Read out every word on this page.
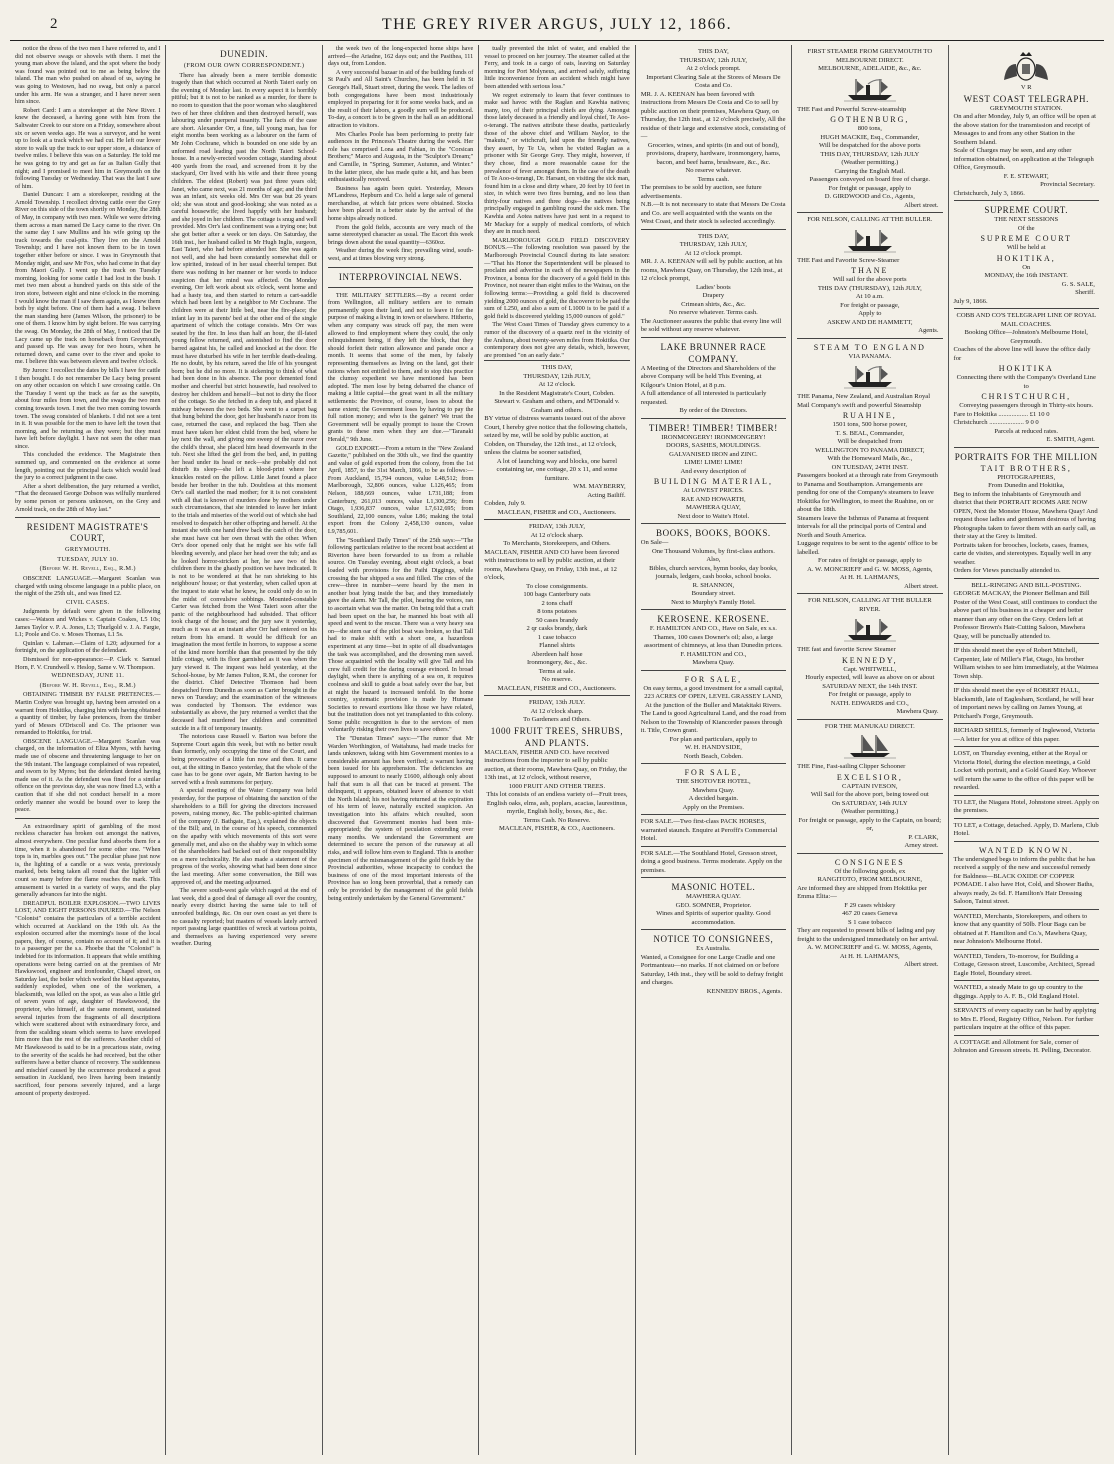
2	THE GREY RIVER ARGUS, JULY 12, 1866.

notice the dress of the two men I have referred to, and I did not observe swags or shovels with them. I met the young man above the island, and the spot where the body was found was pointed out to me as being below the island. The man who pushed on ahead of us, saying he was going to Westown, had no swag, but only a parcel under his arm. He was a stranger, and I have never seen him since.

Robert Card: I am a storekeeper at the New River. I knew the deceased, a having gone with him from the Saltwater Creek to our store on a Friday, somewhere about six or seven weeks ago. He was a surveyor, and he went up to look at a track which we had cut. He left our lower store to walk up the track to our upper store, a distance of twelve miles. I believe this was on a Saturday. He told me he was going to try and get as far as Italian Gully that night; and I promised to meet him in Greymouth on the following Tuesday or Wednesday. That was the last I saw of him.

Daniel Duncan: I am a storekeeper, residing at the Arnold Township. I recollect driving cattle over the Grey River on this side of the town shortly on Monday, the 28th of May, in company with two men. While we were driving them across a man named De Lacy came to the river. On the same day I saw Mullins and his wife going up the track towards the coal-pits. They live on the Arnold Township; and I have not known them to be in town together either before or since. I was in Greymouth that Monday night, and saw Mr Fox, who had come in that day from Maori Gully. I went up the track on Tuesday morning, looking for some cattle I had lost in the bush. I met two men about a hundred yards on this side of the iron store, between eight and nine o'clock in the morning. I would know the man if I saw them again, as I knew them both by sight before. One of them had a swag. I believe the man standing here (James Wilson, the prisoner) to be one of them. I know him by sight before. He was carrying the swag. On Monday, the 28th of May, I noticed that De Lacy came up the track on horseback from Greymouth, and passed up. He was away for two hours, when he returned down, and came over to the river and spoke to me. I believe this was between eleven and twelve o'clock.

By Jurors: I recollect the dates by bills I have for cattle I then bought. I do not remember De Lacy being present on any other occasion on which I saw crossing cattle. On the Tuesday I went up the track as far as the sawpits, about four miles from town, and the swags the two men coming towards town. I met the two men coming towards town. The swag consisted of blankets. I did not see a tent in it. It was possible for the men to have left the town that morning, and be returning as they were; but they must have left before daylight. I have not seen the other man since.

This concluded the evidence. The Magistrate then summed up, and commented on the evidence at some length, pointing out the principal facts which would lead the jury to a correct judgment in the case.

After a short deliberation, the jury returned a verdict, "That the deceased George Dobson was wilfully murdered by some person or persons unknown, on the Grey and Arnold track, on the 28th of May last."

RESIDENT MAGISTRATE'S COURT,
GREYMOUTH.
TUESDAY, JULY 10.
(Before W. H. Revell, Esq., R.M.)

OBSCENE LANGUAGE.—Margaret Scanlan was charged with using obscene language in a public place, on the night of the 25th ult., and was fined £2.

CIVIL CASES.

Judgments by default were given in the following cases:—Watson and Wickes v. Captain Coakes, L5 10s; James Taylor v. P. A. Jones, L3; Thurlgold v. J. A. Fargie, L1; Poole and Co. v. Moses Thomas, L1 5s.

Quinlan v. Lahman.—Claim of L20; adjourned for a fortnight, on the application of the defendant.

Dismissed for non-appearance:—P. Clark v. Samuel Horn, F. V. Crundwell v. Heslop, Same v. W. Thompson.

WEDNESDAY, JUNE 11.
(Before W. H. Revell, Esq., R.M.)

OBTAINING TIMBER BY FALSE PRETENCES.—Martin Codyre was brought up, having been arrested on a warrant from Hokitika, charging him with having obtained a quantity of timber, by false pretences, from the timber yard of Messrs O'Driscoll and Co. The prisoner was remanded to Hokitika, for trial.

OBSCENE LANGUAGE.—Margaret Scanlan was charged, on the information of Eliza Myres, with having made use of obscene and threatening language to her on the 9th instant. The language complained of was repeated, and sworn to by Myres; but the defendant denied having made use of it. As the defendant was fined for a similar offence on the previous day, she was now fined L3, with a caution that if she did not conduct herself in a more orderly manner she would be bound over to keep the peace.

An extraordinary spirit of gambling of the most reckless character has broken out amongst the natives, almost everywhere. One peculiar fund absorbs them for a time, when it is abandoned for some other one. "When tops is in, marbles goes out." The peculiar phase just now is, the lighting of a candle or a wax vesta, previously marked, bets being taken all round that the lighter will count so many before the flame reaches the mark. This amusement is varied in a variety of ways, and the play generally advances far into the night.

DREADFUL BOILER EXPLOSION.—TWO LIVES LOST, AND EIGHT PERSONS INJURED.—The Nelson "Colonist" contains the particulars of a terrible accident which occurred at Auckland on the 19th ult. As the explosion occurred after the morning's issue of the local papers, they, of course, contain no account of it; and it is to a passenger per the s.s. Phoebe that the "Colonist" is indebted for its information. It appears that while smithing operations were being carried on at the premises of Mr Hawkswood, engineer and ironfounder, Chapel street, on Saturday last, the boiler which worked the blast apparatus, suddenly exploded, when one of the workmen, a blacksmith, was killed on the spot, as was also a little girl of seven years of age, daughter of Hawkswood, the proprietor, who himself, at the same moment, sustained several injuries from the fragments of all descriptions which were scattered about with extraordinary force, and from the scalding steam which seems to have enveloped him more than the rest of the sufferers. Another child of Mr Hawkswood is said to be in a precarious state, owing to the severity of the scalds he had received, but the other sufferers have a better chance of recovery. The suddenness and mischief caused by the occurrence produced a great sensation in Auckland, two lives having been instantly sacrificed, four persons severely injured, and a large amount of property destroyed.

DUNEDIN.
(FROM OUR OWN CORRESPONDENT.)

There has already been a mere terrible domestic tragedy than that which occurred at North Taieri early on the evening of Monday last. In every aspect it is horribly pitiful; but it is not to be ranked as a murder, for there is no room to question that the poor woman who slaughtered two of her three children and then destroyed herself, was labouring under puerperal insanity. The facts of the case are short. Alexander Orr, a fine, tall young man, has for eight months been working as a labourer on the farm of Mr John Cochrane, which is bounded on one side by an unformed road leading past the North Taieri School-house. In a newly-erected wooden cottage, standing about 400 yards from the road, and screened from it by the stackyard, Orr lived with his wife and their three young children. The eldest (Robert) was just three years old; Janet, who came next, was 21 months of age; and the third was an infant, six weeks old. Mrs Orr was but 26 years old; she was stout and good-looking; she was noted as a careful housewife; she lived happily with her husband; and she joyed in her children. The cottage is snug and well provided. Mrs Orr's last confinement was a trying one; but she got better after a week or ten days. On Saturday, the 16th inst., her husband called in Mr Hugh Inglis, surgeon, East Taieri, who had before attended her. She was again not well, and she had been constantly somewhat dull or low spirited, instead of in her usual cheerful temper. But there was nothing in her manner or her words to induce suspicion that her mind was affected. On Monday evening, Orr left work about six o'clock, went home and had a hasty tea, and then started to return a cart-saddle which had been lent by a neighbor to Mr Cochrane. The children were at their little bed, near the fire-place; the infant lay in its parents' bed at the other end of the single apartment of which the cottage consists. Mrs Orr was seated by the fire. In less than half an hour, the ill-fated young fellow returned, and, astonished to find the door barred against his, he called and knocked at the door. He must have disturbed his wife in her terrible death-dealing. He no doubt, by his return, saved the life of his youngest born; but he did no more. It is sickening to think of what had been done in his absence. The poor demented fond mother and cheerful but strict housewife, had resolved to destroy her children and herself—but not to dirty the floor of the cottage. So she fetched in a deep tub, and placed it midway between the two beds. She went to a carpet bag that hung behind the door, got her husband's razor from its case, returned the case, and replaced the bag. Then she must have taken her eldest child from the bed, where he lay next the wall, and giving one sweep of the razor over the child's throat, she placed him head downwards in the tub. Next she lifted the girl from the bed, and, in putting her head under its head or neck—she probably did not disturb its sleep—she left a blood-print where her knuckles rested on the pillow. Little Janet found a place beside her brother in the tub. Doubtless at this moment Orr's call startled the mad mother; for it is not consistent with all that is known of murders done by mothers under such circumstances, that she intended to leave her infant to the trials and miseries of the world out of which she had resolved to despatch her other offspring and herself. At the instant she with one hand drew back the catch of the door, she must have cut her own throat with the other. When Orr's door opened only that he might see his wife fall bleeding severely, and place her head over the tub; and as he looked horror-stricken at her, he saw two of his children there in the ghastly position we have indicated. It is not to be wondered at that he ran shrieking to his neighbours' house; or that yesterday, when called upon at the inquest to state what he knew, he could only do so in the midst of convulsive sobbings. Mounted-constable Carter was fetched from the West Taieri soon after the panic of the neighbourhood had subsided. That officer took charge of the house; and the jury saw it yesterday, much as it was at an instant after Orr had entered on his return from his errand. It would be difficult for an imagination the most fertile in horrors, to suppose a scene of the kind more horrible than that presented by the tidy little cottage, with its floor garnished as it was when the jury viewed it. The inquest was held yesterday, at the School-house, by Mr James Fulton, R.M., the coroner for the district. Chief Detective Thomson had been despatched from Dunedin as soon as Carter brought in the news on Tuesday; and the examination of the witnesses was conducted by Thomson. The evidence was substantially as above, the jury returned a verdict that the deceased had murdered her children and committed suicide in a fit of temporary insanity.

The notorious case Russell v. Barton was before the Supreme Court again this week, but with no better result than formerly, only occupying the time of the Court, and being provocative of a little fun now and then. It came out, at the sitting in Banco yesterday, that the whole of the case has to be gone over again, Mr Barton having to be served with a fresh summons for perjury.

A special meeting of the Water Company was held yesterday, for the purpose of obtaining the sanction of the shareholders to a Bill for giving the directors increased powers, raising money, &c. The public-spirited chairman of the company (J. Bathgate, Esq.), explained the objects of the Bill; and, in the course of his speech, commented on the apathy with which movements of this sort were generally met, and also on the shabby way in which some of the shareholders had backed out of their responsibility on a mere technicality. He also made a statement of the progress of the works, showing what had been done since the last meeting. After some conversation, the Bill was approved of, and the meeting adjourned.

The severe south-west gale which raged at the end of last week, did a good deal of damage all over the country, nearly every district having the same tale to tell of unroofed buildings, &c. On our own coast as yet there is no casualty reported; but masters of vessels lately arrived report passing large quantities of wreck at various points, and themselves as having experienced very severe weather. During

the week two of the long-expected home ships have arrived—the Ariadne, 162 days out; and the Pasithea, 111 days out, from London.

A very successful bazaar in aid of the building funds of St Paul's and All Saint's Churches, has been held in St George's Hall, Stuart street, during the week. The ladies of both congregations have been most industriously employed in preparing for it for some weeks back, and as the result of their labors, a goodly sum will be produced. To-day, a concert is to be given in the hall as an additional attraction to visitors.

Mrs Charles Poole has been performing to pretty fair audiences in the Princess's Theatre during the week. Her role has comprised Lona and Fabian, in the "Corsican Brothers;" Marco and Augusta, in the "Sculptor's Dream;" and Camille, in "Spring, Summer, Autumn, and Winter." In the latter piece, she has made quite a hit, and has been enthusiastically received.

Business has again been quiet. Yesterday, Messrs M'Landress, Hepburn and Co. held a large sale of general merchandise, at which fair prices were obtained. Stocks have been placed in a better state by the arrival of the home ships already noticed.

From the gold fields, accounts are very much of the same stereotyped character as usual. The Escort this week brings down about the usual quantity—6360oz.

Weather during the week fine; prevailing wind, south-west, and at times blowing very strong.

INTERPROVINCIAL NEWS.

THE MILITARY SETTLERS.—By a recent order from Wellington, all military settlers are to remain permanently upon their land, and not to leave it for the purpose of making a living in town or elsewhere. Hitherto, when any company was struck off pay, the men were allowed to find employment where they could, the only relinquishment being, if they left the block, that they should forfeit their ration allowance and parade once a month. It seems that some of the men, by falsely representing themselves as living on the land, got their rations when not entitled to them, and to stop this practice the clumsy expedient we have mentioned has been adopted. The men lose by being debarred the chance of making a little capital—the great want in all the military settlements: the Province, of course, loses to about the same extent; the Government loses by having to pay the full ration money; and who is the gainer? We trust the Government will be equally prompt to issue the Crown grants to these men when they are due.—"Taranaki Herald," 9th June.

GOLD EXPORT.—From a return in the "New Zealand Gazette," published on the 30th ult., we find the quantity and value of gold exported from the colony, from the 1st April, 1857, to the 31st March, 1866, to be as follows:—From Auckland, 15,794 ounces, value L48,512; from Marlborough, 32,806 ounces, value L126,465; from Nelson, 188,669 ounces, value L731,188; from Canterbury, 261,013 ounces, value L1,300,256; from Otago, 1,936,837 ounces, value L7,612,695; from Southland, 22,100 ounces, value L86; making the total export from the Colony 2,458,130 ounces, value L9,785,601.

The "Southland Daily Times" of the 25th says:—"The following particulars relative to the recent boat accident at Riverton have been forwarded to us from a reliable source. On Tuesday evening, about eight o'clock, a boat loaded with provisions for the Paihi Diggings, while crossing the bar shipped a sea and filled. The cries of the crew—three in number—were heard by the men in another boat lying inside the bar, and they immediately gave the alarm. Mr Tall, the pilot, hearing the voices, ran to ascertain what was the matter. On being told that a craft had been upset on the bar, he manned his boat with all speed and went to the rescue. There was a very heavy sea on—the stern oar of the pilot boat was broken, so that Tall had to make shift with a short one, a hazardous experiment at any time—but in spite of all disadvantages the task was accomplished, and the drowning men saved. Those acquainted with the locality will give Tall and his crew full credit for the daring courage evinced. In broad daylight, when there is anything of a sea on, it requires coolness and skill to guide a boat safely over the bar, but at night the hazard is increased tenfold. In the home country, systematic provision is made by Humane Societies to reward exertions like those we have related, but the institution does not yet transplanted to this colony. Some public recognition is due to the services of men voluntarily risking their own lives to save others."

The "Dunstan Times" says:—"The rumor that Mr Warden Worthington, of Waitahuna, had made tracks for lands unknown, taking with him Government monies to a considerable amount has been verified; a warrant having been issued for his apprehension. The deficiencies are supposed to amount to nearly £1600, although only about half that sum is all that can be traced at present. The delinquent, it appears, obtained leave of absence to visit the North Island; his not having returned at the expiration of his term of leave, naturally excited suspicion. An investigation into his affairs which resulted, soon discovered that Government monies had been mis-appropriated; the system of peculation extending over many months. We understand the Government are determined to secure the person of the runaway at all risks, and will follow him even to England. This is another specimen of the mismanagement of the gold fields by the Provincial authorities, whose incapacity to conduct the business of one of the most important interests of the Province has so long been proverbial, that a remedy can only be provided by the management of the gold fields being entirely undertaken by the General Government."

tually prevented the inlet of water, and enabled the vessel to proceed on her journey. The steamer called at the Ferry, and took in a cargo of oats, leaving on Saturday morning for Port Molyneux, and arrived safely, suffering little inconvenience from an accident which might have been attended with serious loss."

We regret extremely to learn that fever continues to make sad havoc with the Raglan and Kawhia natives; many, too, of their principal chiefs are dying. Amongst those lately deceased is a friendly and loyal chief, Te Aoo-o-terangi. The natives attribute these deaths, particularly those of the above chief and William Naylor, to the "makutu," or witchcraft, laid upon the friendly natives, they assert, by Te Ua, when he visited Raglan as a prisoner with Sir George Grey. They might, however, if they chose, find a more reasonable cause for the prevalence of fever amongst them. In the case of the death of Te Aoo-o-terangi, Dr. Harsant, on visiting the sick man, found him in a close and dirty whare, 20 feet by 10 feet in size, in which were two fires burning, and no less than thirty-four natives and three dogs—the natives being principally engaged in gambling round the sick men. The Kawhia and Aotea natives have just sent in a request to Mr Mackay for a supply of medical comforts, of which they are in much need.

MARLBOROUGH GOLD FIELD DISCOVERY BONUS.—The following resolution was passed by the Marlborough Provincial Council during its late session:—"That his Honor the Superintendent will be pleased to proclaim and advertise in each of the newspapers in the Province, a bonus for the discovery of a gold field in this Province, not nearer than eight miles to the Wairau, on the following terms:—Providing a gold field is discovered yielding 2000 ounces of gold, the discoverer to be paid the sum of L250, and also a sum of L1000 is to be paid if a gold field is discovered yielding 15,000 ounces of gold."

The West Coast Times of Tuesday gives currency to a rumor of the discovery of a quartz reef in the vicinity of the Arahura, about twenty-seven miles from Hokitika. Our contemporary does not give any details, which, however, are promised "on an early date."

THIS DAY,
THURSDAY, 12th JULY,
At 12 o'clock.
In the Resident Magistrate's Court, Cobden.
Stewart v. Graham and others, and M'Donald v. Graham and others.
BY virtue of distress warrants issued out of the above Court, I hereby give notice that the following chattels, seized by me, will be sold by public auction, at Cobden, on Thursday, the 12th inst., at 12 o'clock, unless the claims be sooner satisfied,
A lot of launching way and blocks, one barrel containing tar, one cottage, 20 x 11, and some furniture.
WM. MAYBERRY,
Acting Bailiff.
Cobden, July 9.
MACLEAN, FISHER and CO., Auctioneers.
FRIDAY, 13th JULY,
At 12 o'clock sharp.
To Merchants, Storekeepers, and Others.
MACLEAN, FISHER AND CO have been favored with instructions to sell by public auction, at their rooms, Mawhera Quay, on Friday, 13th inst., at 12 o'clock,
To close consignments.
100 bags Canterbury oats
2 tons chaff
8 tons potatoes
50 cases brandy
2 qr casks brandy, dark
1 case tobacco
Flannel shirts
Aberdeen half hose
Ironmongery, &c., &c.
Terms at sale.
No reserve.
MACLEAN, FISHER and CO., Auctioneers.
FRIDAY, 13th JULY.
At 12 o'clock sharp.
To Gardeners and Others.
1000 FRUIT TREES, SHRUBS, AND PLANTS.
MACLEAN, FISHER AND CO. have received instructions from the importer to sell by public auction, at their rooms, Mawhera Quay, on Friday, the 13th inst., at 12 o'clock, without reserve,
1000 FRUIT AND OTHER TREES.
This lot consists of an endless variety of—Fruit trees, English oaks, elms, ash, poplars, acacias, laurestinus, myrtle, English holly, boxes, &c., &c.
Terms Cash. No Reserve.
MACLEAN, FISHER, & CO., Auctioneers.
THIS DAY,
THURSDAY, 12th JULY,
At 2 o'clock prompt.
Important Clearing Sale at the Stores of Messrs De Costa and Co.
MR. J. A. KEENAN has been favored with instructions from Messrs De Costa and Co to sell by public auction on their premises, Mawhera Quay, on Thursday, the 12th inst., at 12 o'clock precisely, All the residue of their large and extensive stock, consisting of—
Groceries, wines, and spirits (in and out of bond), provisions, drapery, hardware, ironmongery, hams, bacon, and beef hams, brushware, &c., &c.
No reserve whatever.
Terms cash.
The premises to be sold by auction, see future advertisements.
N.B.—It is not necessary to state that Messrs De Costa and Co. are well acquainted with the wants on the West Coast, and their stock is selected accordingly.
THIS DAY,
THURSDAY, 12th JULY,
At 12 o'clock prompt.
MR. J. A. KEENAN will sell by public auction, at his rooms, Mawhera Quay, on Thursday, the 12th inst., at 12 o'clock prompt,
Ladies' boots
Drapery
Crimean shirts, &c., &c.
No reserve whatever. Terms cash.
The Auctioneer assures the public that every line will be sold without any reserve whatever.
LAKE BRUNNER RACE COMPANY.
A Meeting of the Directors and Shareholders of the above Company will be held This Evening, at Kilgour's Union Hotel, at 8 p.m.
A full attendance of all interested is particularly requested.
By order of the Directors.
TIMBER! TIMBER! TIMBER!
IRONMONGERY! IRONMONGERY!
DOORS, SASHES, MOULDINGS.
GALVANISED IRON and ZINC.
LIME! LIME! LIME!
And every description of
BUILDING MATERIAL,
At LOWEST PRICES.
RAE AND HOWARTH,
MAWHERA QUAY,
Next door to Waite's Hotel.
BOOKS, BOOKS, BOOKS.
On Sale—
One Thousand Volumes, by first-class authors.
Also,
Bibles, church services, hymn books, day books, journals, ledgers, cash books, school books.
R. SHANNON,
Boundary street.
Next to Murphy's Family Hotel.
KEROSENE. KEROSENE.
F. HAMILTON AND CO., Have on Sale, ex s.s. Thames, 100 cases Downer's oil; also, a large assortment of chimneys, at less than Dunedin prices.
F. HAMILTON and CO.,
Mawhera Quay.
FOR SALE,
On easy terms, a good investment for a small capital,
223 ACRES OF OPEN, LEVEL GRASSEY LAND,
At the junction of the Buller and Matakitaki Rivers.
The Land is good Agricultural Land, and the road from Nelson to the Township of Kiancorder passes through it. Title, Crown grant.
For plan and particulars, apply to
W. H. HANDYSIDE,
North Beach, Cobden.
FOR SALE,
THE SHOTOVER HOTEL,
Mawhera Quay.
A decided bargain.
Apply on the Premises.
FOR SALE.—Two first-class PACK HORSES, warranted staunch. Enquire at Peroffi's Commercial Hotel.
FOR SALE.—The Southland Hotel, Gresson street, doing a good business. Terms moderate. Apply on the premises.
MASONIC HOTEL.
MAWHERA QUAY.
GEO. SOMNER, Proprietor.
Wines and Spirits of superior quality. Good accommodation.
NOTICE TO CONSIGNEES,
Ex Australia.
Wanted, a Consignee for one Large Cradle and one Portmanteau—no marks. If not claimed on or before Saturday, 14th inst., they will be sold to defray freight and charges.
KENNEDY BROS., Agents.
FIRST STEAMER FROM GREYMOUTH TO MELBOURNE DIRECT.
MELBOURNE, ADELAIDE, &c., &c.
THE Fast and Powerful Screw-steamship
GOTHENBURG,
800 tons,
HUGH MACKIE, Esq., Commander,
Will be despatched for the above ports
THIS DAY, THURSDAY, 12th JULY
(Weather permitting.)
Carrying the English Mail.
Passengers conveyed on board free of charge.
For freight or passage, apply to
D. GIRDWOOD and Co., Agents,
Albert street.
FOR NELSON, CALLING AT THE BULLER.
THE Fast and Favorite Screw-Steamer
THANE
Will sail for the above ports
THIS DAY (THURSDAY), 12th JULY,
At 10 a.m.
For freight or passage,
Apply to
ASKEW AND DE HAMMETT,
Agents.
STEAM TO ENGLAND
VIA PANAMA.
THE Panama, New Zealand, and Australian Royal Mail Company's swift and powerful Steamship
RUAHINE,
1501 tons, 500 horse power,
T. S. BEAL, Commander,
Will be despatched from
WELLINGTON TO PANAMA DIRECT,
With the Homeward Mails, &c.,
ON TUESDAY, 24TH INST.
Passengers booked at a through rate from Greymouth to Panama and Southampton. Arrangements are pending for one of the Company's steamers to leave Hokitika for Wellington, to meet the Ruahine, on or about the 18th.
Steamers leave the Isthmus of Panama at frequent intervals for all the principal ports of Central and North and South America.
Luggage requires to be sent to the agents' office to be labelled.
For rates of freight or passage, apply to
A. W. MONCRIEFF and G. W. MOSS, Agents,
At H. H. LAHMAN'S,
Albert street.
FOR NELSON, CALLING AT THE BULLER RIVER.
THE fast and favorite Screw Steamer
KENNEDY,
Capt. WHITWELL,
Hourly expected, will leave as above on or about
SATURDAY NEXT, the 14th INST.
For freight or passage, apply to
NATH. EDWARDS and CO.,
Mawhera Quay.
FOR THE MANUKAU DIRECT.
THE Fine, Fast-sailing Clipper Schooner
EXCELSIOR,
CAPTAIN IVESON,
Will Sail for the above port, being towed out
On SATURDAY, 14th JULY
(Weather permitting.)
For freight or passage, apply to the Captain, on board; or,
P. CLARK,
Arney street.
CONSIGNEES
Of the following goods, ex
RANGITOTO, FROM MELBOURNE,
Are informed they are shipped from Hokitika per Emma Elita:—
F 29 cases whiskey
467 20 cases Geneva
S 1 case tobacco
They are requested to present bills of lading and pay freight to the undersigned immediately on her arrival.
A. W. MONCRIEFF and G. W. MOSS, Agents,
At H. H. LAHMAN'S,
Albert street.
V R
WEST COAST TELEGRAPH.
GREYMOUTH STATION.
On and after Monday, July 9, an office will be open at the above station for the transmission and receipt of Messages to and from any other Station in the Southern Island.
Scale of Charges may be seen, and any other information obtained, on application at the Telegraph Office, Greymouth.
F. E. STEWART,
Provincial Secretary.
Christchurch, July 3, 1866.
SUPREME COURT.
THE NEXT SESSIONS
Of the
SUPREME COURT
Will be held at
HOKITIKA,
On
MONDAY, the 16th INSTANT.
G. S. SALE,
Sheriff.
July 9, 1866.
COBB AND CO'S TELEGRAPH LINE OF ROYAL MAIL COACHES.
Booking Office—Johnston's Melbourne Hotel, Greymouth.
Coaches of the above line will leave the office daily for
HOKITIKA
Connecting there with the Company's Overland Line to
CHRISTCHURCH,
Conveying passengers through in Thirty-six hours.
Fare to Hokitika .................. £1 10 0
Christchurch ..................... 9 0 0
Parcels at reduced rates.
E. SMITH, Agent.
PORTRAITS FOR THE MILLION
TAIT BROTHERS,
PHOTOGRAPHERS,
From Dunedin and Hokitika,
Beg to inform the inhabitants of Greymouth and district that their PORTRAIT ROOMS ARE NOW OPEN, Next the Monster House, Mawhera Quay! And request those ladies and gentlemen desirous of having Photographs taken to favor them with an early call, as their stay at the Grey is limited.
Portraits taken for brooches, lockets, cases, frames, carte de visites, and stereotypes. Equally well in any weather.
Orders for Views punctually attended to.
BELL-RINGING AND BILL-POSTING.
GEORGE MACKAY, the Pioneer Bellman and Bill Poster of the West Coast, still continues to conduct the above part of his business in a cheaper and better manner than any other on the Grey. Orders left at Professor Brown's Hair-Cutting Saloon, Mawhera Quay, will be punctually attended to.
IF this should meet the eye of Robert Mitchell, Carpenter, late of Miller's Flat, Otago, his brother William wishes to see him immediately, at the Waimea Town ship.
IF this should meet the eye of ROBERT HALL, blacksmith, late of Eaglesham, Scotland, he will hear of important news by calling on James Young, at Pritchard's Forge, Greymouth.
RICHARD SHIELS, formerly of Inglewood, Victoria—A letter for you at office of this paper.
LOST, on Thursday evening, either at the Royal or Victoria Hotel, during the election meetings, a Gold Locket with portrait, and a Gold Guard Key. Whoever will return the same to the office of this paper will be rewarded.
TO LET, the Niagara Hotel, Johnstone street. Apply on the premises.
TO LET, a Cottage, detached. Apply, D. Marlens, Club Hotel.
WANTED KNOWN.
The undersigned begs to inform the public that he has received a supply of the new and successful remedy for Baldness—BLACK OXIDE OF COPPER POMADE. I also have Hot, Cold, and Shower Baths, always ready, 2s 6d. F. Hamilton's Hair Dressing Saloon, Tainui street.
WANTED, Merchants, Storekeepers, and others to know that any quantity of 50lb. Flour Bags can be obtained at F. Hamilton and Co.'s, Mawhera Quay, near Johnston's Melbourne Hotel.
WANTED, Tenders, To-morrow, for Building a Cottage, Gresson street, Luscombe, Architect, Spread Eagle Hotel, Boundary street.
WANTED, a steady Mate to go up country to the diggings. Apply to A. F. B., Old England Hotel.
SERVANTS of every capacity can be had by applying to Mrs E. Flood, Registry Office, Nelson. For further particulars inquire at the office of this paper.
A COTTAGE and Allotment for Sale, corner of Johnston and Gresson streets. H. Pelling, Decorator.
